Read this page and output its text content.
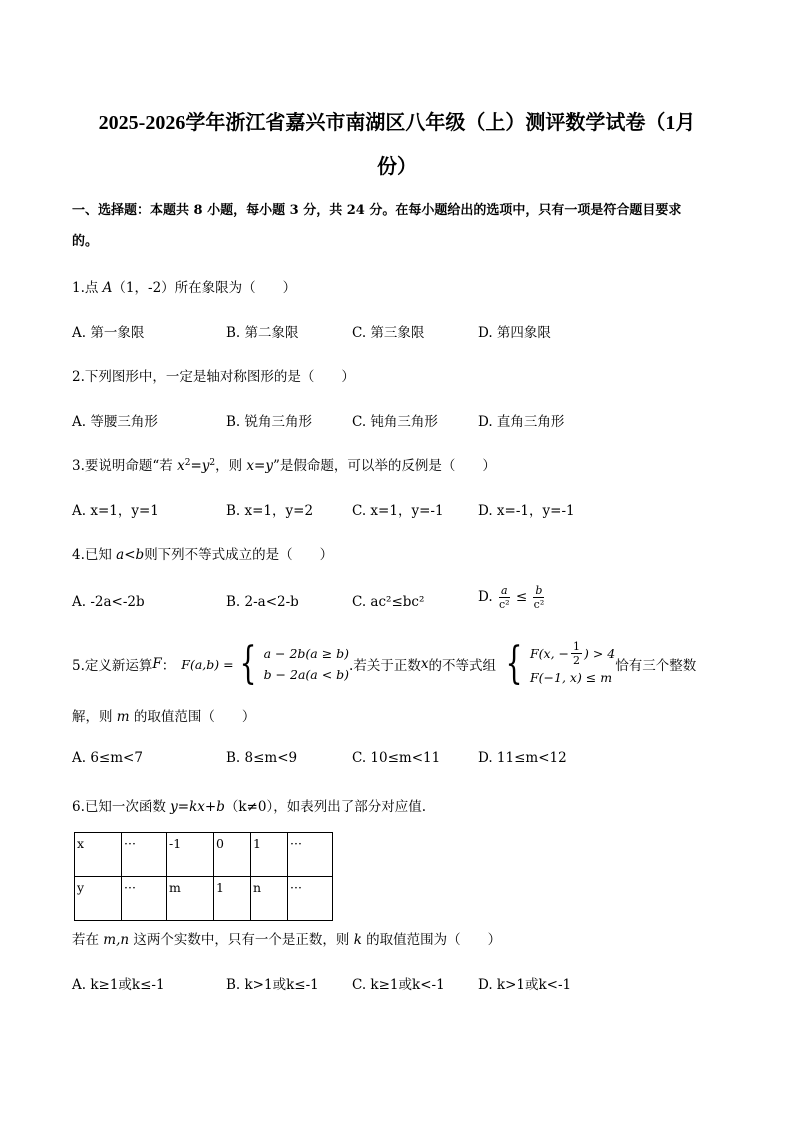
2025-2026学年浙江省嘉兴市南湖区八年级（上）测评数学试卷（1月
份）
一、选择题：本题共 8 小题，每小题 3 分，共 24 分。在每小题给出的选项中，只有一项是符合题目要求
的。
1.点 A（1，-2）所在象限为（　　）
A. 第一象限	B. 第二象限	C. 第三象限	D. 第四象限
2.下列图形中，一定是轴对称图形的是（　　）
A. 等腰三角形	B. 锐角三角形	C. 钝角三角形	D. 直角三角形
3.要说明命题“若 $x^2=y^2$，则 x=y”是假命题，可以举的反例是（　　）
A. x=1，y=1	B. x=1，y=2	C. x=1，y=-1	D. x=-1，y=-1
4.已知 a<b则下列不等式成立的是（　　）
A. -2a<-2b	B. 2-a<2-b	C. ac²≤bc²	D. $\frac{a}{\text{c²}} \le \frac{b}{\text{c²}}$
5.定义新运算 F ： F(a,b) = { a − 2b(a ≥ b)
b − 2a(a < b)
.若关于正数 x 的不等式组 { F(x, − $\frac{1}{2}$ ) > 4
F(−1, x) ≤ m
恰有三个整数
解，则 m 的取值范围（　　）
A. 6≤m<7	B. 8≤m<9	C. 10≤m<11	D. 11≤m<12
6.已知一次函数 y=kx+b（k≠0），如表列出了部分对应值.
x	···	-1	0	1	···
y	···	m	1	n	···
若在 m,n 这两个实数中，只有一个是正数，则 k 的取值范围为（　　）
A. k≥1或k≤-1	B. k>1或k≤-1 C. k≥1或k<-1 D. k>1或k<-1
